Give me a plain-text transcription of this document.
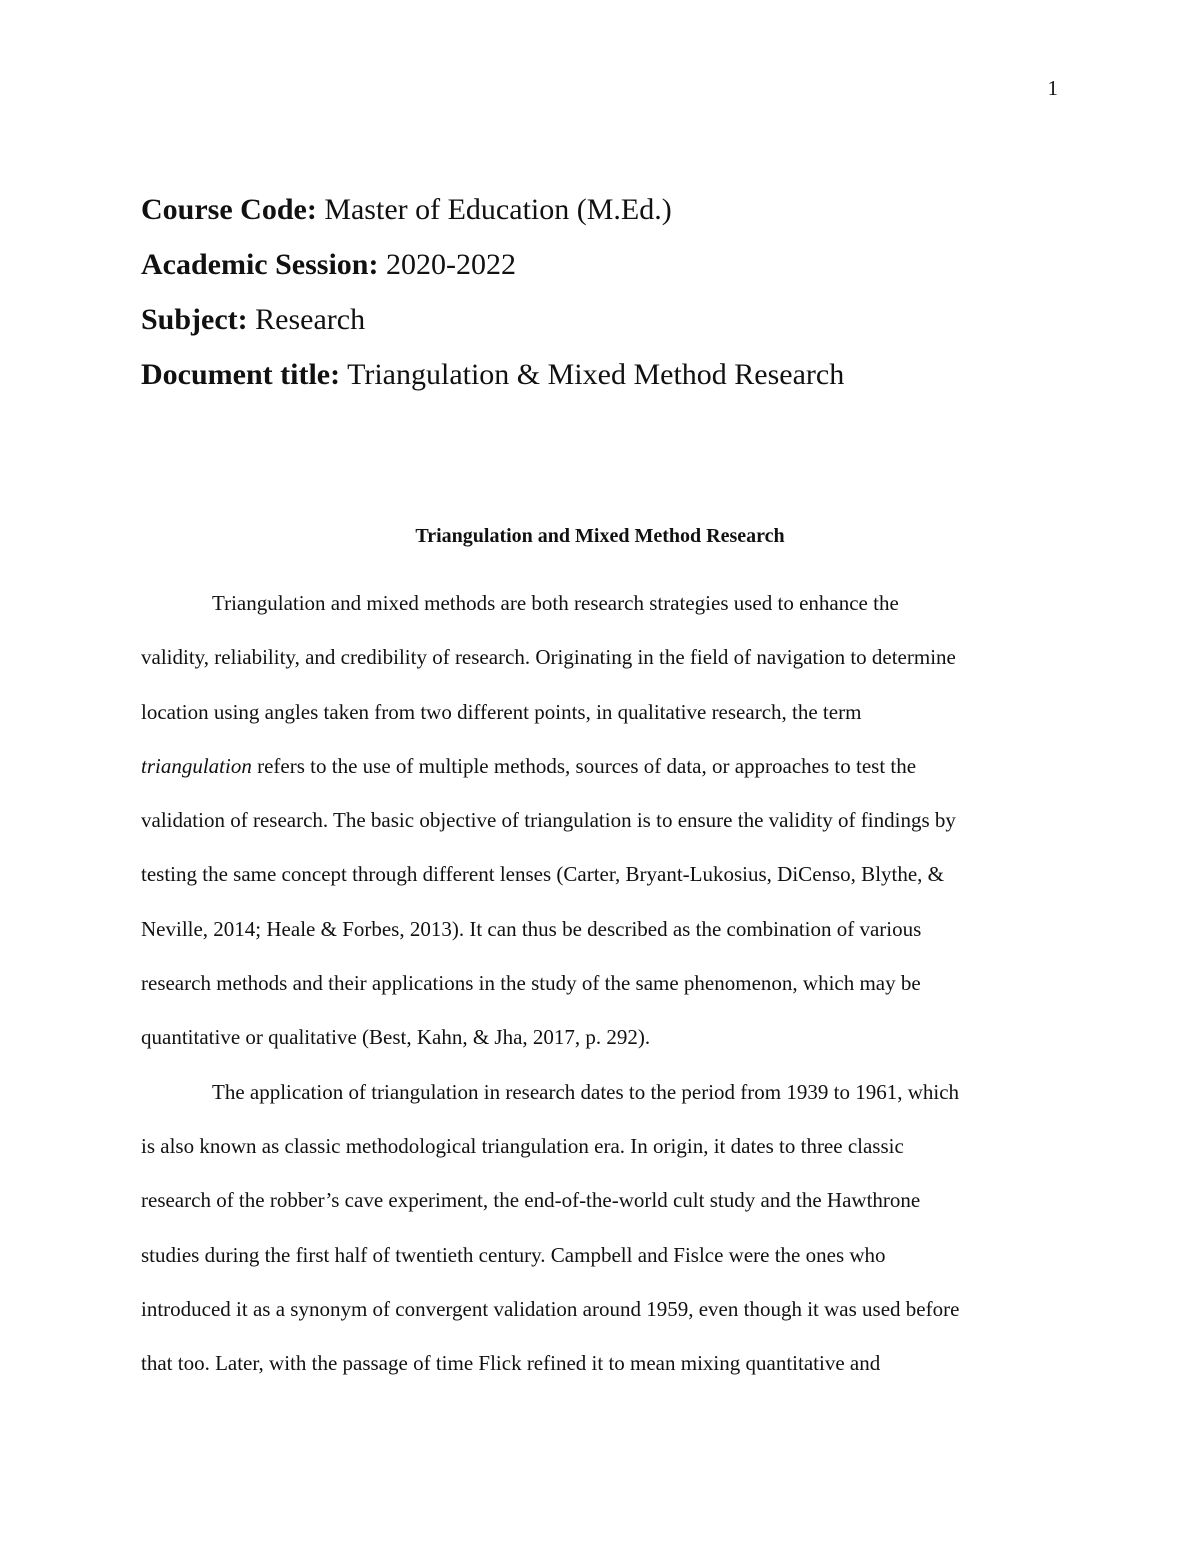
1
Course Code: Master of Education (M.Ed.)
Academic Session: 2020-2022
Subject: Research
Document title: Triangulation & Mixed Method Research
Triangulation and Mixed Method Research
Triangulation and mixed methods are both research strategies used to enhance the
validity, reliability, and credibility of research. Originating in the field of navigation to determine
location using angles taken from two different points, in qualitative research, the term
triangulation refers to the use of multiple methods, sources of data, or approaches to test the
validation of research. The basic objective of triangulation is to ensure the validity of findings by
testing the same concept through different lenses (Carter, Bryant-Lukosius, DiCenso, Blythe, &
Neville, 2014; Heale & Forbes, 2013). It can thus be described as the combination of various
research methods and their applications in the study of the same phenomenon, which may be
quantitative or qualitative (Best, Kahn, & Jha, 2017, p. 292).
The application of triangulation in research dates to the period from 1939 to 1961, which
is also known as classic methodological triangulation era. In origin, it dates to three classic
research of the robber’s cave experiment, the end-of-the-world cult study and the Hawthrone
studies during the first half of twentieth century. Campbell and Fislce were the ones who
introduced it as a synonym of convergent validation around 1959, even though it was used before
that too. Later, with the passage of time Flick refined it to mean mixing quantitative and
